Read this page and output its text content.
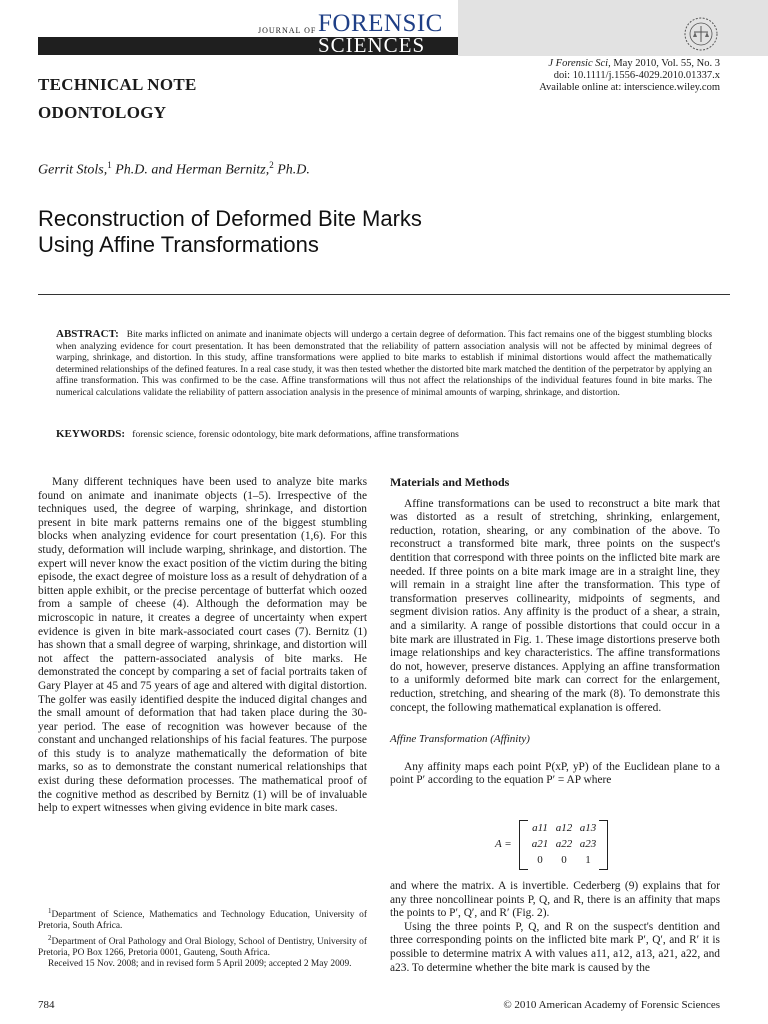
JOURNAL OF FORENSIC
SCIENCES
J Forensic Sci, May 2010, Vol. 55, No. 3
doi: 10.1111/j.1556-4029.2010.01337.x
Available online at: interscience.wiley.com
TECHNICAL NOTE
ODONTOLOGY
Gerrit Stols,$^1$ Ph.D. and Herman Bernitz,$^2$ Ph.D.
Reconstruction of Deformed Bite Marks
Using Affine Transformations
ABSTRACT: Bite marks inflicted on animate and inanimate objects will undergo a certain degree of deformation. This fact remains one of the biggest stumbling blocks when analyzing evidence for court presentation. It has been demonstrated that the reliability of pattern association analysis will not be affected by minimal degrees of warping, shrinkage, and distortion. In this study, affine transformations were applied to bite marks to establish if minimal distortions would affect the mathematically determined relationships of the defined features. In a real case study, it was then tested whether the distorted bite mark matched the dentition of the perpetrator by applying an affine transformation. This was confirmed to be the case. Affine transformations will thus not affect the relationships of the individual features found in bite marks. The numerical calculations validate the reliability of pattern association analysis in the presence of minimal amounts of warping, shrinkage, and distortion.
KEYWORDS: forensic science, forensic odontology, bite mark deformations, affine transformations

Many different techniques have been used to analyze bite marks found on animate and inanimate objects (1–5). Irrespective of the techniques used, the degree of warping, shrinkage, and distortion present in bite mark patterns remains one of the biggest stumbling blocks when analyzing evidence for court presentation (1,6). For this study, deformation will include warping, shrinkage, and distortion. The expert will never know the exact position of the victim during the biting episode, the exact degree of moisture loss as a result of dehydration of a bitten apple exhibit, or the precise percentage of butterfat which oozed from a sample of cheese (4). Although the deformation may be microscopic in nature, it creates a degree of uncertainty when expert evidence is given in bite mark-associated court cases (7). Bernitz (1) has shown that a small degree of warping, shrinkage, and distortion will not affect the pattern-associated analysis of bite marks. He demonstrated the concept by comparing a set of facial portraits taken of Gary Player at 45 and 75 years of age and altered with digital distortion. The golfer was easily identified despite the induced digital changes and the small amount of deformation that had taken place during the 30-year period. The ease of recognition was however because of the constant and unchanged relationships of his facial features. The purpose of this study is to analyze mathematically the deformation of bite marks, so as to demonstrate the constant numerical relationships that exist during these deformation processes. The mathematical proof of the cognitive method as described by Bernitz (1) will be of invaluable help to expert witnesses when giving evidence in bite mark cases.

$^1$Department of Science, Mathematics and Technology Education, University of Pretoria, South Africa.

$^2$Department of Oral Pathology and Oral Biology, School of Dentistry, University of Pretoria, PO Box 1266, Pretoria 0001, Gauteng, South Africa.

Received 15 Nov. 2008; and in revised form 5 April 2009; accepted 2 May 2009.

Materials and Methods

Affine transformations can be used to reconstruct a bite mark that was distorted as a result of stretching, shrinking, enlargement, reduction, rotation, shearing, or any combination of the above. To reconstruct a transformed bite mark, three points on the suspect's dentition that correspond with three points on the inflicted bite mark are needed. If three points on a bite mark image are in a straight line, they will remain in a straight line after the transformation. This type of transformation preserves collinearity, midpoints of segments, and segment division ratios. Any affinity is the product of a shear, a strain, and a similarity. A range of possible distortions that could occur in a bite mark are illustrated in Fig. 1. These image distortions preserve both image relationships and key characteristics. The affine transformations do not, however, preserve distances. Applying an affine transformation to a uniformly deformed bite mark can correct for the enlargement, reduction, stretching, and shearing of the mark (8). To demonstrate this concept, the following mathematical explanation is offered.

Affine Transformation (Affinity)

Any affinity maps each point P(xP, yP) of the Euclidean plane to a point P′ according to the equation P′ = AP where

A =
a11 a12 a13
a21 a22 a23
0	0	1

and where the matrix. A is invertible. Cederberg (9) explains that for any three noncollinear points P, Q, and R, there is an affinity that maps the points to P′, Q′, and R′ (Fig. 2).

Using the three points P, Q, and R on the suspect's dentition and three corresponding points on the inflicted bite mark P′, Q′, and R′ it is possible to determine matrix A with values a11, a12, a13, a21, a22, and a23. To determine whether the bite mark is caused by the

784	© 2010 American Academy of Forensic Sciences
